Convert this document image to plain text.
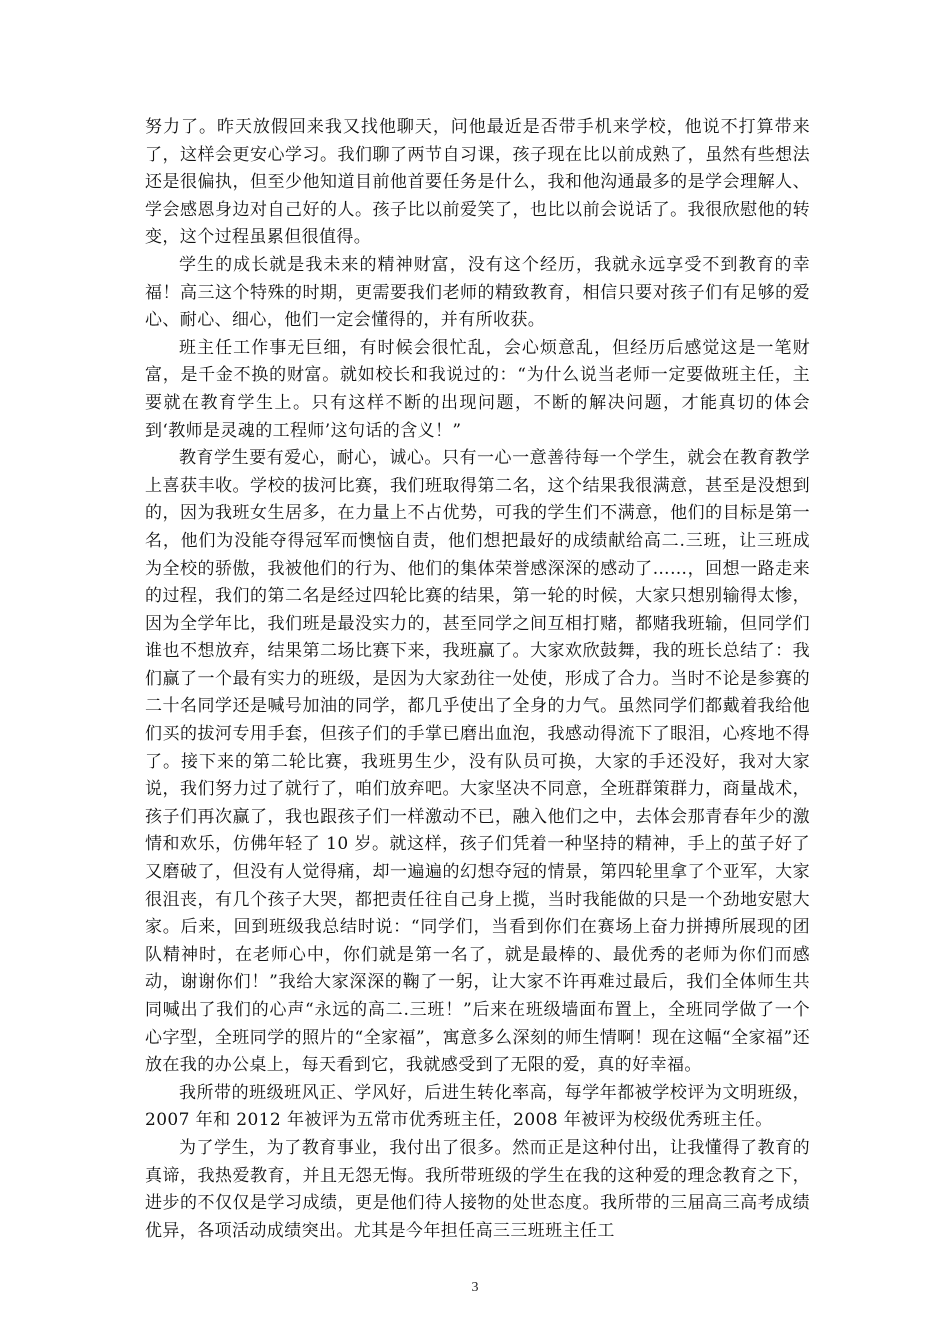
努力了。昨天放假回来我又找他聊天，问他最近是否带手机来学校，他说不打算带来了，这样会更安心学习。我们聊了两节自习课，孩子现在比以前成熟了，虽然有些想法还是很偏执，但至少他知道目前他首要任务是什么，我和他沟通最多的是学会理解人、学会感恩身边对自己好的人。孩子比以前爱笑了，也比以前会说话了。我很欣慰他的转变，这个过程虽累但很值得。

学生的成长就是我未来的精神财富，没有这个经历，我就永远享受不到教育的幸福！高三这个特殊的时期，更需要我们老师的精致教育，相信只要对孩子们有足够的爱心、耐心、细心，他们一定会懂得的，并有所收获。

班主任工作事无巨细，有时候会很忙乱，会心烦意乱，但经历后感觉这是一笔财富，是千金不换的财富。就如校长和我说过的：“为什么说当老师一定要做班主任，主要就在教育学生上。只有这样不断的出现问题，不断的解决问题，才能真切的体会到‘教师是灵魂的工程师’这句话的含义！”

教育学生要有爱心，耐心，诚心。只有一心一意善待每一个学生，就会在教育教学上喜获丰收。学校的拔河比赛，我们班取得第二名，这个结果我很满意，甚至是没想到的，因为我班女生居多，在力量上不占优势，可我的学生们不满意，他们的目标是第一名，他们为没能夺得冠军而懊恼自责，他们想把最好的成绩献给高二.三班，让三班成为全校的骄傲，我被他们的行为、他们的集体荣誉感深深的感动了……，回想一路走来的过程，我们的第二名是经过四轮比赛的结果，第一轮的时候，大家只想别输得太惨，因为全学年比，我们班是最没实力的，甚至同学之间互相打赌，都赌我班输，但同学们谁也不想放弃，结果第二场比赛下来，我班赢了。大家欢欣鼓舞，我的班长总结了：我们赢了一个最有实力的班级，是因为大家劲往一处使，形成了合力。当时不论是参赛的二十名同学还是喊号加油的同学，都几乎使出了全身的力气。虽然同学们都戴着我给他们买的拔河专用手套，但孩子们的手掌已磨出血泡，我感动得流下了眼泪，心疼地不得了。接下来的第二轮比赛，我班男生少，没有队员可换，大家的手还没好，我对大家说，我们努力过了就行了，咱们放弃吧。大家坚决不同意，全班群策群力，商量战术，孩子们再次赢了，我也跟孩子们一样激动不已，融入他们之中，去体会那青春年少的激情和欢乐，仿佛年轻了 10 岁。就这样，孩子们凭着一种坚持的精神，手上的茧子好了又磨破了，但没有人觉得痛，却一遍遍的幻想夺冠的情景，第四轮里拿了个亚军，大家很沮丧，有几个孩子大哭，都把责任往自己身上揽，当时我能做的只是一个劲地安慰大家。后来，回到班级我总结时说：“同学们，当看到你们在赛场上奋力拼搏所展现的团队精神时，在老师心中，你们就是第一名了，就是最棒的、最优秀的老师为你们而感动，谢谢你们！”我给大家深深的鞠了一躬，让大家不许再难过最后，我们全体师生共同喊出了我们的心声“永远的高二.三班！”后来在班级墙面布置上，全班同学做了一个心字型，全班同学的照片的“全家福”，寓意多么深刻的师生情啊！现在这幅“全家福”还放在我的办公桌上，每天看到它，我就感受到了无限的爱，真的好幸福。

我所带的班级班风正、学风好，后进生转化率高，每学年都被学校评为文明班级，2007 年和 2012 年被评为五常市优秀班主任，2008 年被评为校级优秀班主任。

为了学生，为了教育事业，我付出了很多。然而正是这种付出，让我懂得了教育的真谛，我热爱教育，并且无怨无悔。我所带班级的学生在我的这种爱的理念教育之下，进步的不仅仅是学习成绩，更是他们待人接物的处世态度。我所带的三届高三高考成绩优异，各项活动成绩突出。尤其是今年担任高三三班班主任工

3
